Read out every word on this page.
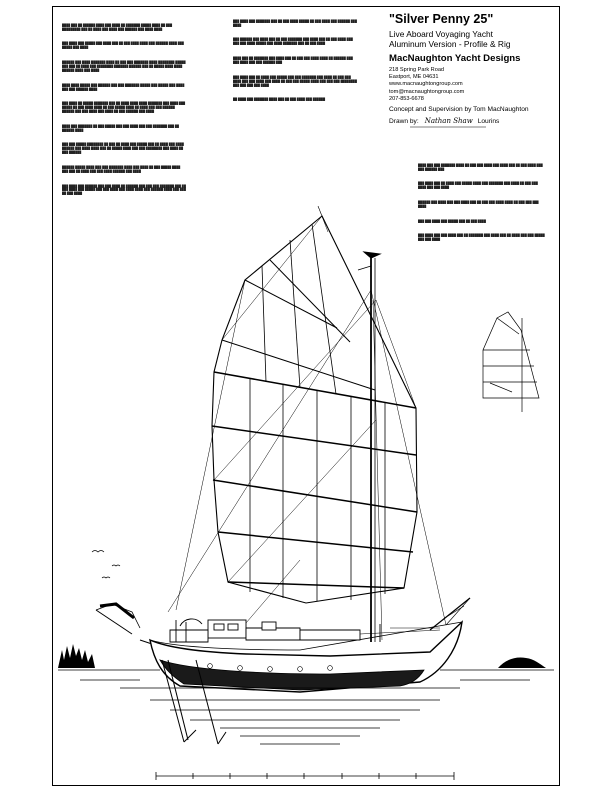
████ ███ ██ ██████ ████ ███ ████ ██ ███████ █████ ████ ██ ███ █████████ ███ ██ ████ ███ ████ ███ ██████ ███ ████ ████

███ ████ ███ █████ ███ ████ ███ ██ ███ ████ ████ ███ ██████ ████ ███ █████ ███ ████

██████ ███ ████ ███████ ████ ██ ███ ███ ███████ ████ ████████ █████ ███ ███ ██ ████ ███ ████████ ███████ ██████ ███ ██ █████ ████ ████ ██████ ████ ███ ████

████ ████ █████ ███ ██████ ███ ███ ███████ █████ ███ █████ ███ ████ ███ ███ ██████ ████

███ ████ ██ █████ ███████ ███ ██ ████ ████ ████ ███████ ███ ████ ███ █████ ██ ███ ████ ████ ██ ███ █████ ████ ██ ████ ███ ███ ██████ ██████ ███ ███ ████ ███ ████ ██ ███ ██████ ███ ████

████ ███ ███████ ██ ███ █████ ███ ███ ████ ███ ███ ███████ ███ ██ ██████ ████

███ ███ █████ ████████ ██ ███ ██ ████ ███ █████ ███ ██ ████ ███ ████ ██████ ███ ████ ████ ███ ██ █████ ████ ███ ███ ████████ ███ ████ ██ ███ ██████

██████ █████ ████ ███ ███ ███████ ████ ███ ████ ██ ███ █████ ████ ███ ███ ██ ████ ███ ███ ████ ██████ ███ ████

███ ████ ███ ██████ ███ ███ ████ ██ ██████ ███ ███ ███ ███████ ███ ██ ███ ████ ███ █████ ███ ███ ████ ███ ████ ████ ███ ██████ ████ ███ ███ ██ ███ ████

███ ████ ███ ███████ ███ ██ ███ ████ █████ ██ ███ ████ ███ ██████ ███ ████

███ ██████ ███ ████ ███ ██ ███ ███████ ███ ████ ███ ██ ███ ████ ███ ███ ███ ████ █████ ███ ████ ███████ ███ ██ ███ ████

████ ███ ██ ███████ ███ ████ ███ ██ ███ ███ ████ ████ ██ ██████ ███ ███ ████ ███ ███ ██████ ███

███ ████ ███ ██ ████ ███ █████ ███ ███ ███████ ███ ████ ██ ███ ███ ████ ███ ███ ████ ███ ████ ██ ███ ███ █████ ████ ███ ███ ███ ████████ ███ ███ ███ ███ ████

██ ████ ███ ███████ ████ ███ ██ ███ ████ ███ ██████

████ ███ ███ ███████ ████ ██ ███ ███ ████ ███ ████ ███ ██ ███ ████ ███ ███ ██████ ███

███ ████ ███ ██ ████ ███ █████ ████ ███ ███████ ███ ████ ██ ███ ███ ████ ███ ███ ████

██████ ███ ████ ███ ███ ████ ███ ██ ███ ███ ████ ████ ██ ███ ███ ███ ████

███ ███ ████ ███ █████ ███ ██ ███ ████

███ ████ ███ ███ ████ ███ ██ ███████ ███ ████ ███ ██ ████ ███ ███ █████ ███ ███ ████

"Silver Penny 25"
Live Aboard Voyaging Yacht
Aluminum Version - Profile & Rig
MacNaughton Yacht Designs
218 Spring Park Road
Eastport, ME 04631
www.macnaughtongroup.com
tom@macnaughtongroup.com
207-853-6678
Concept and Supervision by Tom MacNaughton
Drawn by: Nathan Shaw Lourins
